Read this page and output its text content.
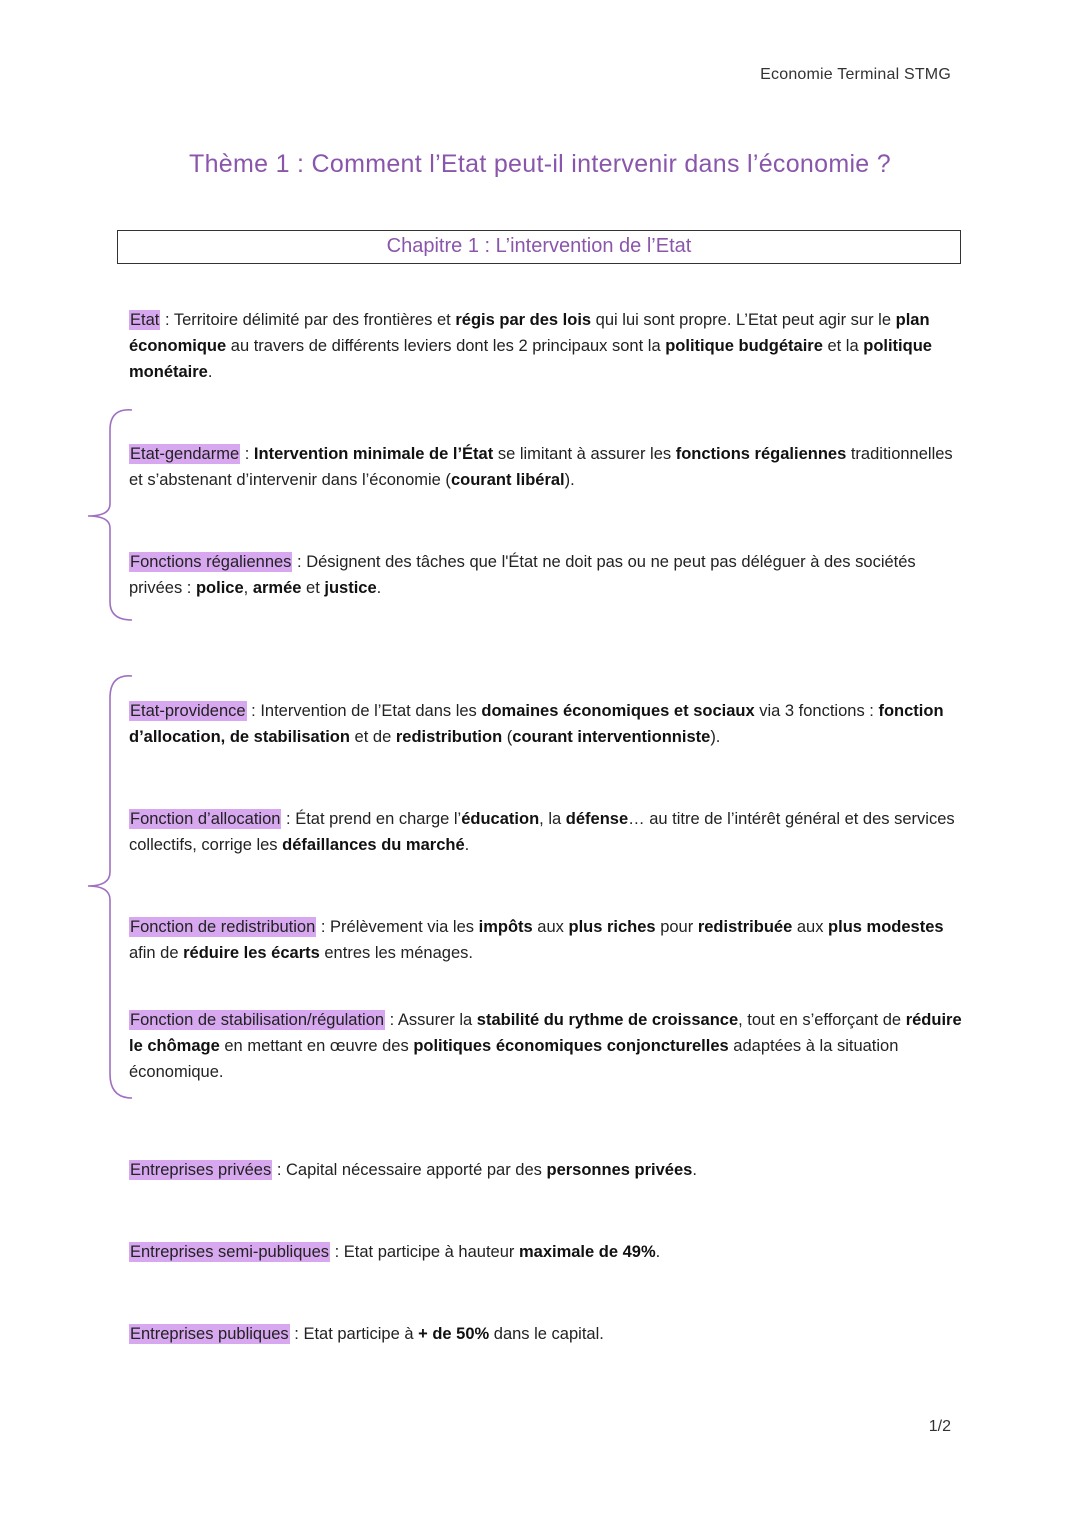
Economie Terminal STMG
Thème 1 : Comment l’Etat peut-il intervenir dans l’économie ?
Chapitre 1 : L’intervention de l’Etat
Etat : Territoire délimité par des frontières et régis par des lois qui lui sont propre. L’Etat peut agir sur le plan économique au travers de différents leviers dont les 2 principaux sont la politique budgétaire et la politique monétaire.
Etat-gendarme : Intervention minimale de l’État se limitant à assurer les fonctions régaliennes traditionnelles et s’abstenant d’intervenir dans l’économie (courant libéral).
Fonctions régaliennes : Désignent des tâches que l'État ne doit pas ou ne peut pas déléguer à des sociétés privées : police, armée et justice.
Etat-providence : Intervention de l’Etat dans les domaines économiques et sociaux via 3 fonctions : fonction d’allocation, de stabilisation et de redistribution (courant interventionniste).
Fonction d’allocation : État prend en charge l’éducation, la défense… au titre de l’intérêt général et des services collectifs, corrige les défaillances du marché.
Fonction de redistribution : Prélèvement via les impôts aux plus riches pour redistribuée aux plus modestes afin de réduire les écarts entres les ménages.
Fonction de stabilisation/régulation : Assurer la stabilité du rythme de croissance, tout en s’efforçant de réduire le chômage en mettant en œuvre des politiques économiques conjoncturelles adaptées à la situation économique.
Entreprises privées : Capital nécessaire apporté par des personnes privées.
Entreprises semi-publiques : Etat participe à hauteur maximale de 49%.
Entreprises publiques : Etat participe à + de 50% dans le capital.
1/2
